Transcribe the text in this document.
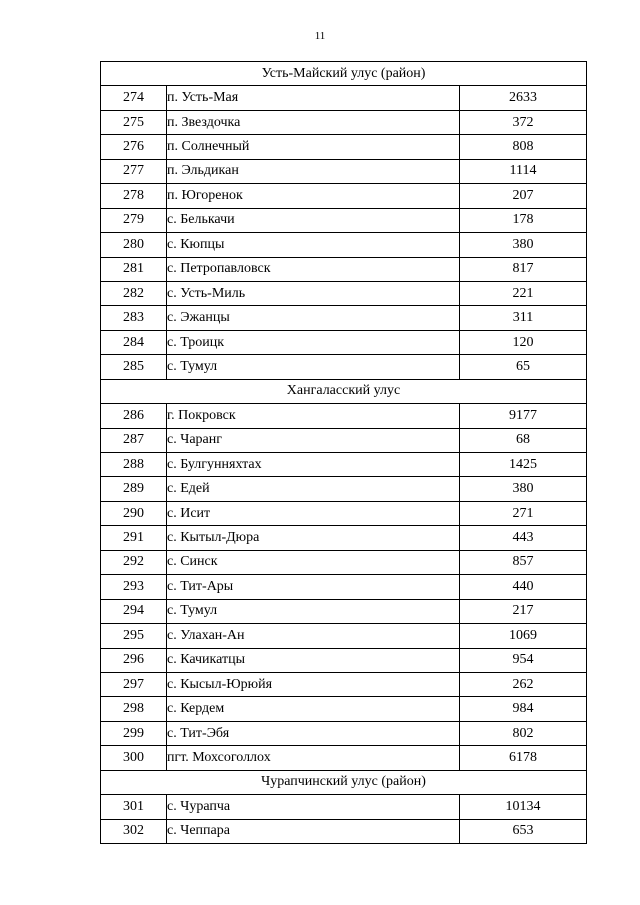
11
Усть-Майский улус (район)		
274	п. Усть-Мая	2633
275	п. Звездочка	372
276	п. Солнечный	808
277	п. Эльдикан	1114
278	п. Югоренок	207
279	с. Белькачи	178
280	с. Кюпцы	380
281	с. Петропавловск	817
282	с. Усть-Миль	221
283	с. Эжанцы	311
284	с. Троицк	120
285	с. Тумул	65
Хангаласский улус		
286	г. Покровск	9177
287	с. Чаранг	68
288	с. Булгунняхтах	1425
289	с. Едей	380
290	с. Исит	271
291	с. Кытыл-Дюра	443
292	с. Синск	857
293	с. Тит-Ары	440
294	с. Тумул	217
295	с. Улахан-Ан	1069
296	с. Качикатцы	954
297	с. Кысыл-Юрюйя	262
298	с. Кердем	984
299	с. Тит-Эбя	802
300	пгт. Мохсоголлох	6178
Чурапчинский улус (район)		
301	с. Чурапча	10134
302	с. Чеппара	653
